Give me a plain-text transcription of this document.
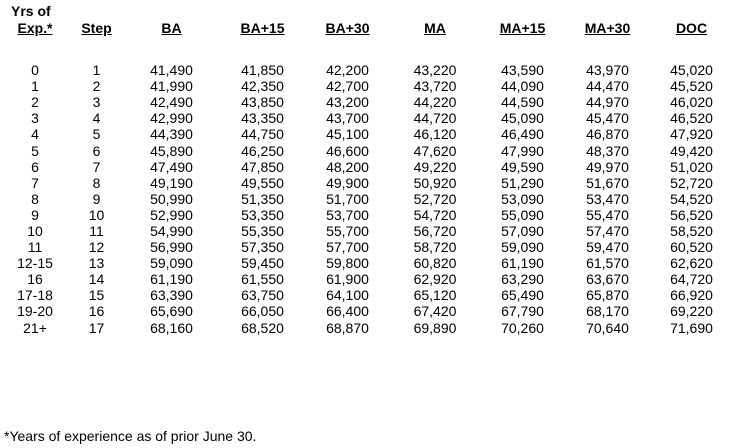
Yrs of
Exp.*	Step	BA	BA+15	BA+30	MA	MA+15	MA+30	DOC

0	1	41,490	41,850	42,200	43,220	43,590	43,970	45,020
1	2	41,990	42,350	42,700	43,720	44,090	44,470	45,520
2	3	42,490	43,850	43,200	44,220	44,590	44,970	46,020
3	4	42,990	43,350	43,700	44,720	45,090	45,470	46,520
4	5	44,390	44,750	45,100	46,120	46,490	46,870	47,920
5	6	45,890	46,250	46,600	47,620	47,990	48,370	49,420
6	7	47,490	47,850	48,200	49,220	49,590	49,970	51,020
7	8	49,190	49,550	49,900	50,920	51,290	51,670	52,720
8	9	50,990	51,350	51,700	52,720	53,090	53,470	54,520
9	10	52,990	53,350	53,700	54,720	55,090	55,470	56,520
10	11	54,990	55,350	55,700	56,720	57,090	57,470	58,520
11	12	56,990	57,350	57,700	58,720	59,090	59,470	60,520
12-15	13	59,090	59,450	59,800	60,820	61,190	61,570	62,620
16	14	61,190	61,550	61,900	62,920	63,290	63,670	64,720
17-18	15	63,390	63,750	64,100	65,120	65,490	65,870	66,920
19-20	16	65,690	66,050	66,400	67,420	67,790	68,170	69,220
21+	17	68,160	68,520	68,870	69,890	70,260	70,640	71,690
*Years of experience as of prior June 30.
